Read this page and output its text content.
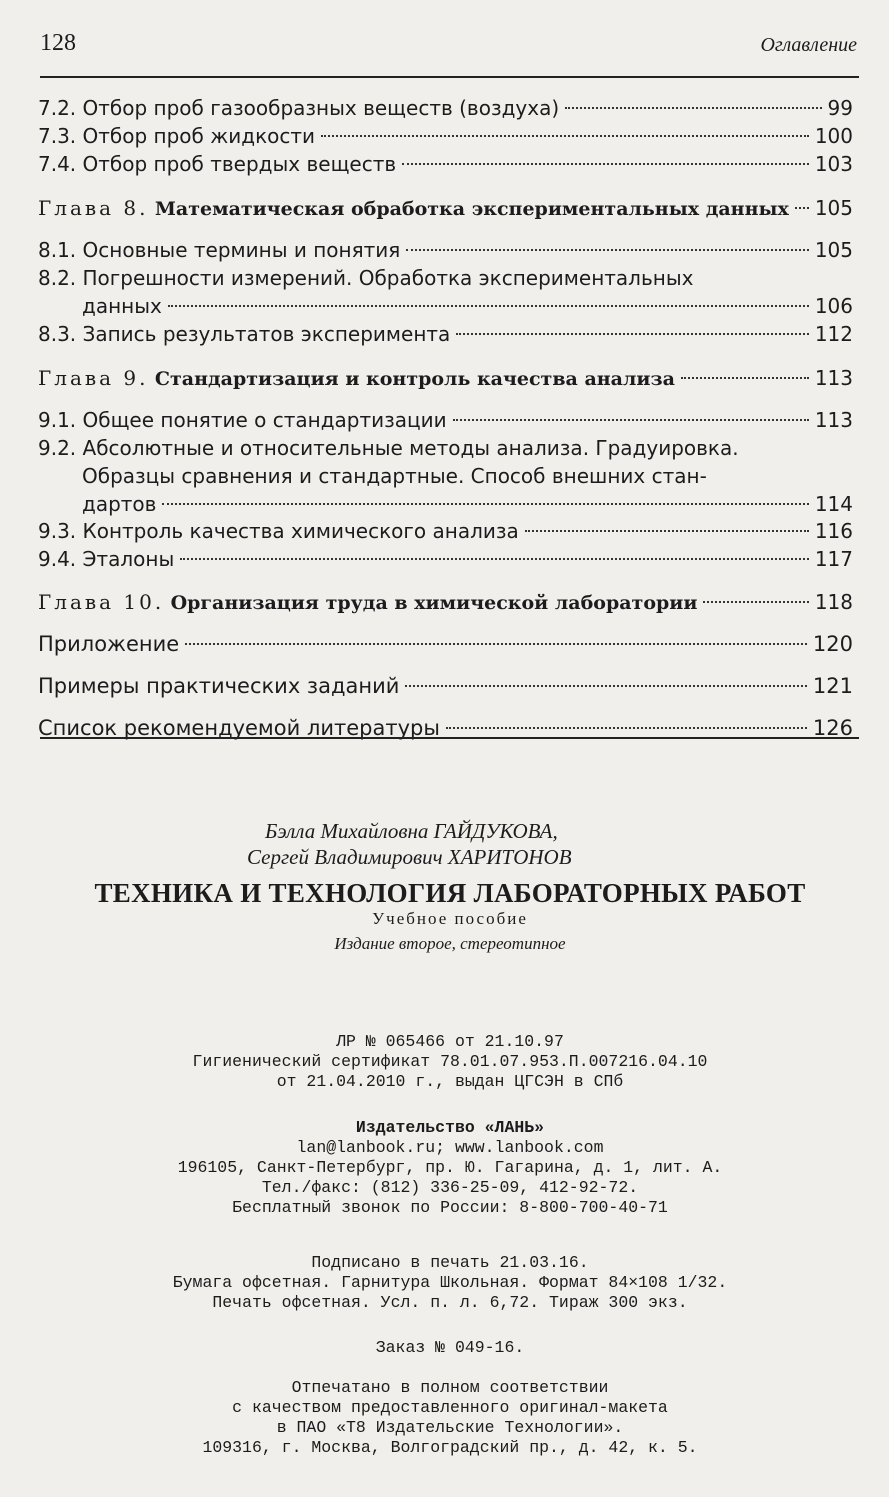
128	Оглавление
7.2. Отбор проб газообразных веществ (воздуха)	99
7.3. Отбор проб жидкости	100
7.4. Отбор проб твердых веществ	103
Глава 8. Математическая обработка экспериментальных данных 105
8.1. Основные термины и понятия	105
8.2. Погрешности измерений. Обработка экспериментальных
данных	106
8.3. Запись результатов эксперимента	112
Глава 9. Стандартизация и контроль качества анализа	113
9.1. Общее понятие о стандартизации	113
9.2. Абсолютные и относительные методы анализа. Градуировка.
Образцы сравнения и стандартные. Способ внешних стан-
дартов	114
9.3. Контроль качества химического анализа	116
9.4. Эталоны	117
Глава 10. Организация труда в химической лаборатории	118
Приложение	120
Примеры практических заданий	121
Список рекомендуемой литературы	126
Бэлла Михайловна ГАЙДУКОВА,
Сергей Владимирович ХАРИТОНОВ
ТЕХНИКА И ТЕХНОЛОГИЯ ЛАБОРАТОРНЫХ РАБОТ
Учебное пособие
Издание второе, стереотипное
ЛР № 065466 от 21.10.97
Гигиенический сертификат 78.01.07.953.П.007216.04.10
от 21.04.2010 г., выдан ЦГСЭН в СПб
Издательство «ЛАНЬ»
lan@lanbook.ru; www.lanbook.com
196105, Санкт-Петербург, пр. Ю. Гагарина, д. 1, лит. А.
Тел./факс: (812) 336-25-09, 412-92-72.
Бесплатный звонок по России: 8-800-700-40-71
Подписано в печать 21.03.16.
Бумага офсетная. Гарнитура Школьная. Формат 84×108 1/32.
Печать офсетная. Усл. п. л. 6,72. Тираж 300 экз.
Заказ № 049-16.
Отпечатано в полном соответствии
с качеством предоставленного оригинал-макета
в ПАО «Т8 Издательские Технологии».
109316, г. Москва, Волгоградский пр., д. 42, к. 5.
